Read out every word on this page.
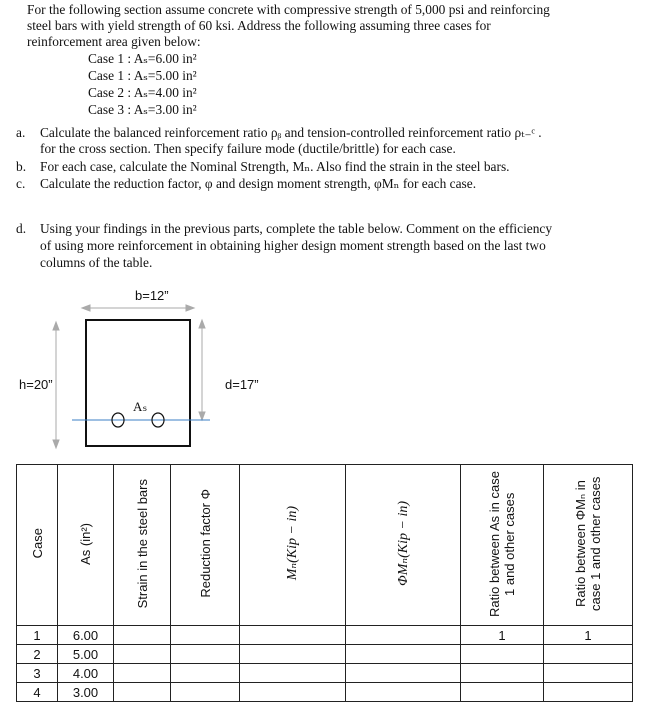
For the following section assume concrete with compressive strength of 5,000 psi and reinforcing
steel bars with yield strength of 60 ksi. Address the following assuming three cases for
reinforcement area given below:
Case 1 : Aₛ=6.00 in²
Case 1 : Aₛ=5.00 in²
Case 2 : Aₛ=4.00 in²
Case 3 : Aₛ=3.00 in²
a. Calculate the balanced reinforcement ratio ρᵦ and tension-controlled reinforcement ratio ρₜ₋ᶜ .
for the cross section. Then specify failure mode (ductile/brittle) for each case.
b. For each case, calculate the Nominal Strength, Mₙ. Also find the strain in the steel bars.
c. Calculate the reduction factor, φ and design moment strength, φMₙ for each case.
d. Using your findings in the previous parts, complete the table below. Comment on the efficiency
of using more reinforcement in obtaining higher design moment strength based on the last two
columns of the table.
b=12”
h=20”	d=17”
Aₛ
Case	As (in²)	Strain in the steel bars	Reduction factor Φ	Mₙ(Kip − in)	ΦMₙ(Kip − in)	Ratio between As in case 1 and other cases	Ratio between ΦMₙ in case 1 and other cases
1	6.00					1	1
2	5.00						
3	4.00						
4	3.00						
